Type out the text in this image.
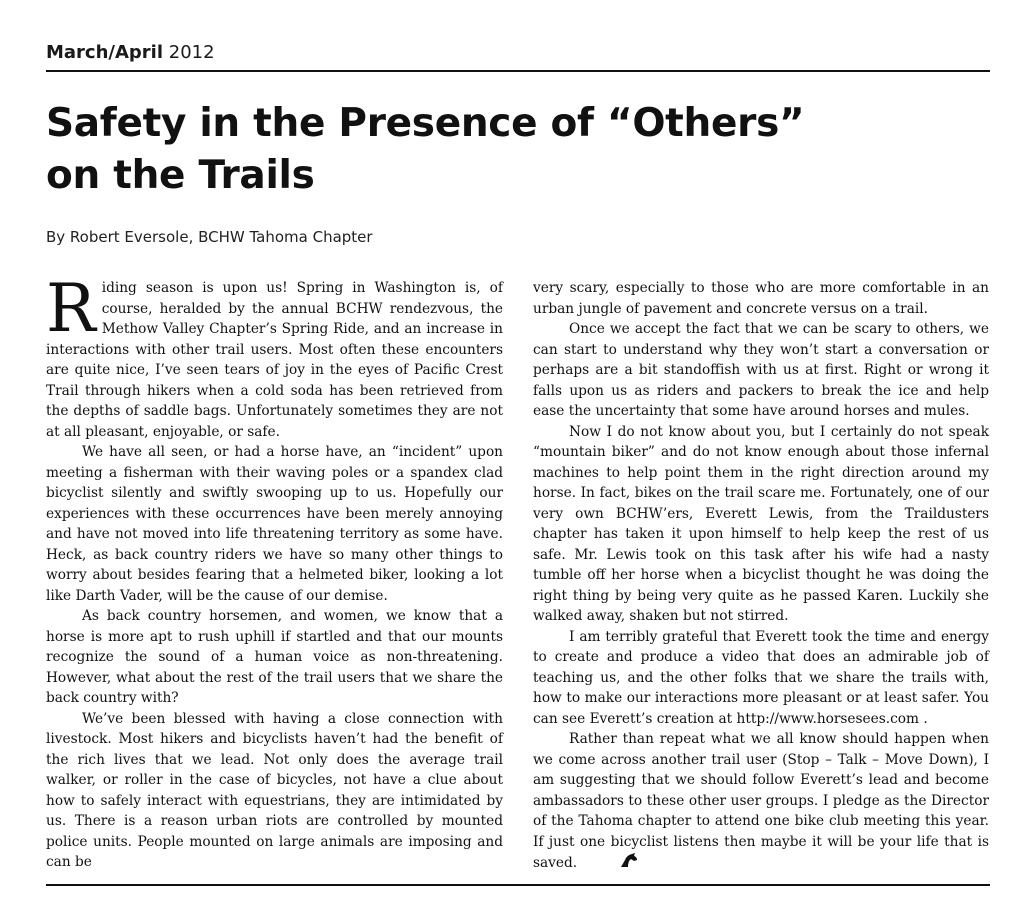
March/April 2012
Safety in the Presence of “Others”
on the Trails
By Robert Eversole, BCHW Tahoma Chapter

Riding season is upon us! Spring in Washington is, of course, heralded by the annual BCHW rendezvous, the Methow Valley Chapter’s Spring Ride, and an increase in interactions with other trail users. Most often these encounters are quite nice, I’ve seen tears of joy in the eyes of Pacific Crest Trail through hikers when a cold soda has been retrieved from the depths of saddle bags. Unfortunately sometimes they are not at all pleasant, enjoyable, or safe.

We have all seen, or had a horse have, an “incident” upon meeting a fisherman with their waving poles or a spandex clad bicyclist silently and swiftly swooping up to us. Hopefully our experiences with these occurrences have been merely annoying and have not moved into life threatening territory as some have. Heck, as back country riders we have so many other things to worry about besides fearing that a helmeted biker, looking a lot like Darth Vader, will be the cause of our demise.

As back country horsemen, and women, we know that a horse is more apt to rush uphill if startled and that our mounts recognize the sound of a human voice as non-threatening. However, what about the rest of the trail users that we share the back country with?

We’ve been blessed with having a close connection with livestock. Most hikers and bicyclists haven’t had the benefit of the rich lives that we lead. Not only does the average trail walker, or roller in the case of bicycles, not have a clue about how to safely interact with equestrians, they are intimidated by us. There is a reason urban riots are controlled by mounted police units. People mounted on large animals are imposing and can be

very scary, especially to those who are more comfortable in an urban jungle of pavement and concrete versus on a trail.

Once we accept the fact that we can be scary to others, we can start to understand why they won’t start a conversation or perhaps are a bit standoffish with us at first. Right or wrong it falls upon us as riders and packers to break the ice and help ease the uncertainty that some have around horses and mules.

Now I do not know about you, but I certainly do not speak “mountain biker” and do not know enough about those infernal machines to help point them in the right direction around my horse. In fact, bikes on the trail scare me. Fortunately, one of our very own BCHW’ers, Everett Lewis, from the Traildusters chapter has taken it upon himself to help keep the rest of us safe. Mr. Lewis took on this task after his wife had a nasty tumble off her horse when a bicyclist thought he was doing the right thing by being very quite as he passed Karen. Luckily she walked away, shaken but not stirred.

I am terribly grateful that Everett took the time and energy to create and produce a video that does an admirable job of teaching us, and the other folks that we share the trails with, how to make our interactions more pleasant or at least safer. You can see Everett’s creation at http://www.horsesees.com .

Rather than repeat what we all know should happen when we come across another trail user (Stop – Talk – Move Down), I am suggesting that we should follow Everett’s lead and become ambassadors to these other user groups. I pledge as the Director of the Tahoma chapter to attend one bike club meeting this year. If just one bicyclist listens then maybe it will be your life that is saved.
